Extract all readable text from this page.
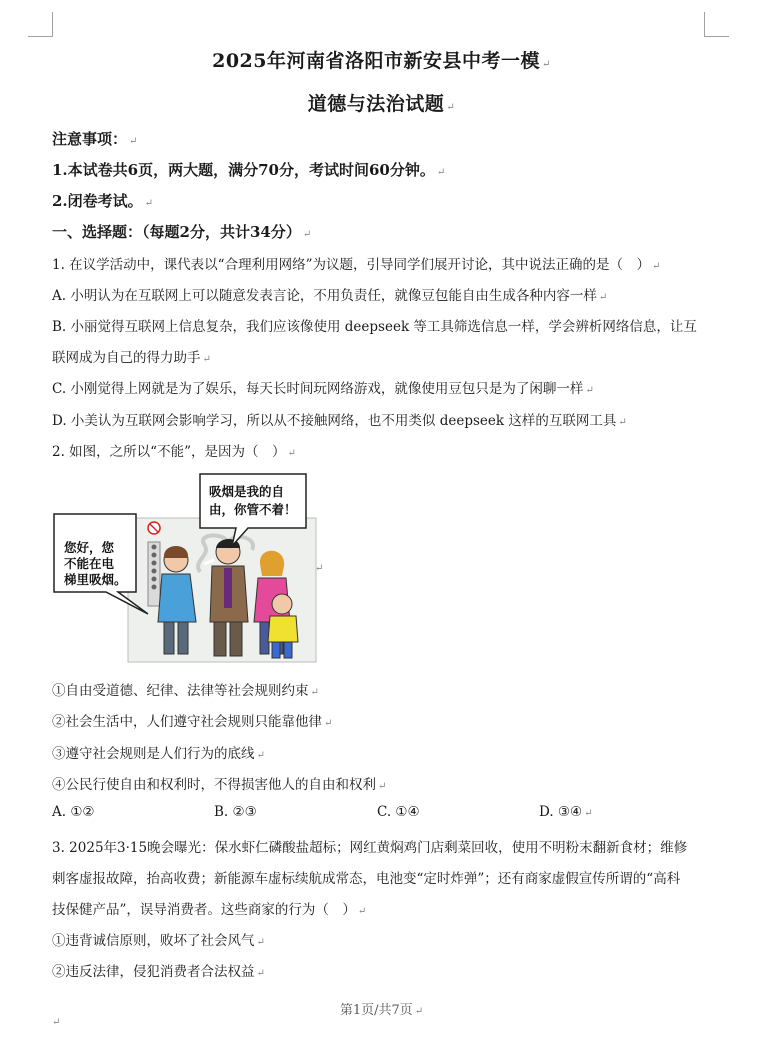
2025年河南省洛阳市新安县中考一模 ↵
道德与法治试题 ↵
注意事项： ↵
1.本试卷共6页，两大题，满分70分，考试时间60分钟。 ↵
2.闭卷考试。 ↵
一、选择题：（每题2分，共计34分） ↵
1. 在议学活动中，课代表以“合理利用网络”为议题，引导同学们展开讨论，其中说法正确的是（　） ↵
A. 小明认为在互联网上可以随意发表言论，不用负责任，就像豆包能自由生成各种内容一样 ↵
B. 小丽觉得互联网上信息复杂，我们应该像使用 deepseek 等工具筛选信息一样，学会辨析网络信息，让互
联网成为自己的得力助手 ↵
C. 小刚觉得上网就是为了娱乐，每天长时间玩网络游戏，就像使用豆包只是为了闲聊一样 ↵
D. 小美认为互联网会影响学习，所以从不接触网络，也不用类似 deepseek 这样的互联网工具 ↵
2. 如图，之所以“不能”，是因为（　） ↵
您好，您
不能在电
梯里吸烟。
吸烟是我的自
由，你管不着！
↵
①自由受道德、纪律、法律等社会规则约束 ↵
②社会生活中，人们遵守社会规则只能靠他律 ↵
③遵守社会规则是人们行为的底线 ↵
④公民行使自由和权利时，不得损害他人的自由和权利 ↵
A. ①②	B. ②③	C. ①④	D. ③④ ↵
3. 2025年3·15晚会曝光：保水虾仁磷酸盐超标；网红黄焖鸡门店剩菜回收，使用不明粉末翻新食材；维修
刺客虚报故障，抬高收费；新能源车虚标续航成常态，电池变“定时炸弹”；还有商家虚假宣传所谓的“高科
技保健产品”，误导消费者。这些商家的行为（　） ↵
①违背诚信原则，败坏了社会风气 ↵
②违反法律，侵犯消费者合法权益 ↵
第1页/共7页 ↵
↵
